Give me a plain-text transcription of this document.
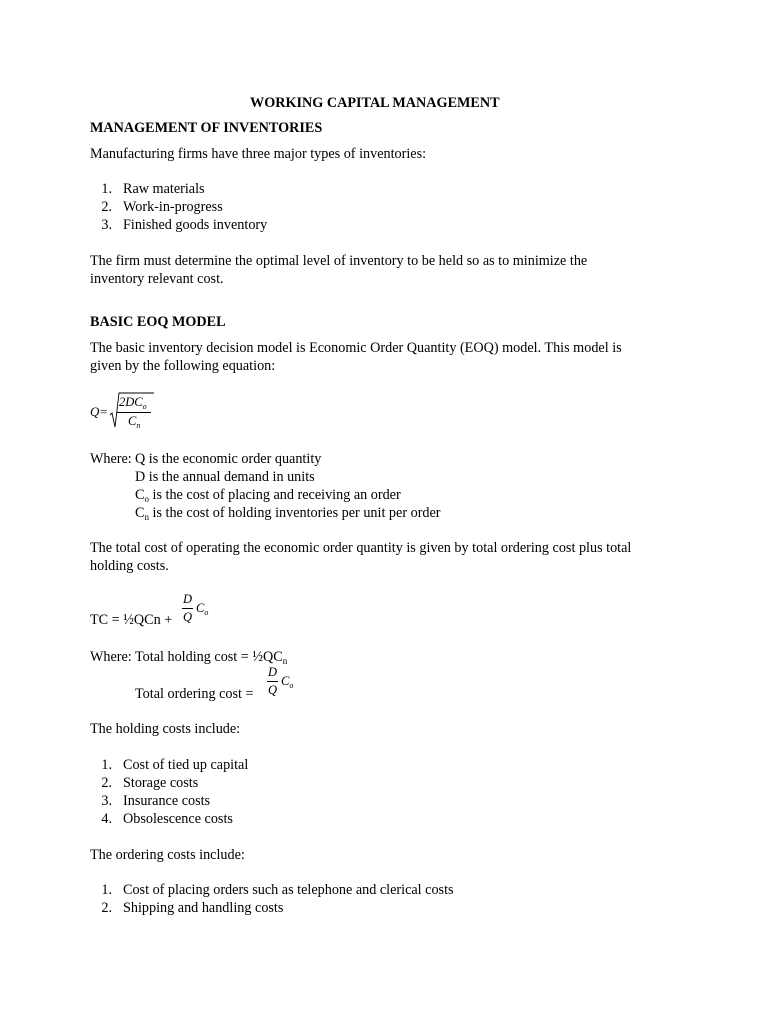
WORKING CAPITAL MANAGEMENT
MANAGEMENT OF INVENTORIES
Manufacturing firms have three major types of inventories:
1. Raw materials
2. Work-in-progress
3. Finished goods inventory
The firm must determine the optimal level of inventory to be held so as to minimize the
inventory relevant cost.
BASIC EOQ MODEL
The basic inventory decision model is Economic Order Quantity (EOQ) model. This model is
given by the following equation:
Q =
$2DC_o$
$C_n$
Where: Q is the economic order quantity
D is the annual demand in units
$C_o$ is the cost of placing and receiving an order
$C_n$ is the cost of holding inventories per unit per order
The total cost of operating the economic order quantity is given by total ordering cost plus total
holding costs.
TC = ½QCn +
D
Q
$C_o$
Where: Total holding $\cos t = \frac{1}{2}QC_n$
Total ordering cost =
D
Q
$C_o$
The holding costs include:
1. Cost of tied up capital
2. Storage costs
3. Insurance costs
4. Obsolescence costs
The ordering costs include:
1. Cost of placing orders such as telephone and clerical costs
2. Shipping and handling costs
